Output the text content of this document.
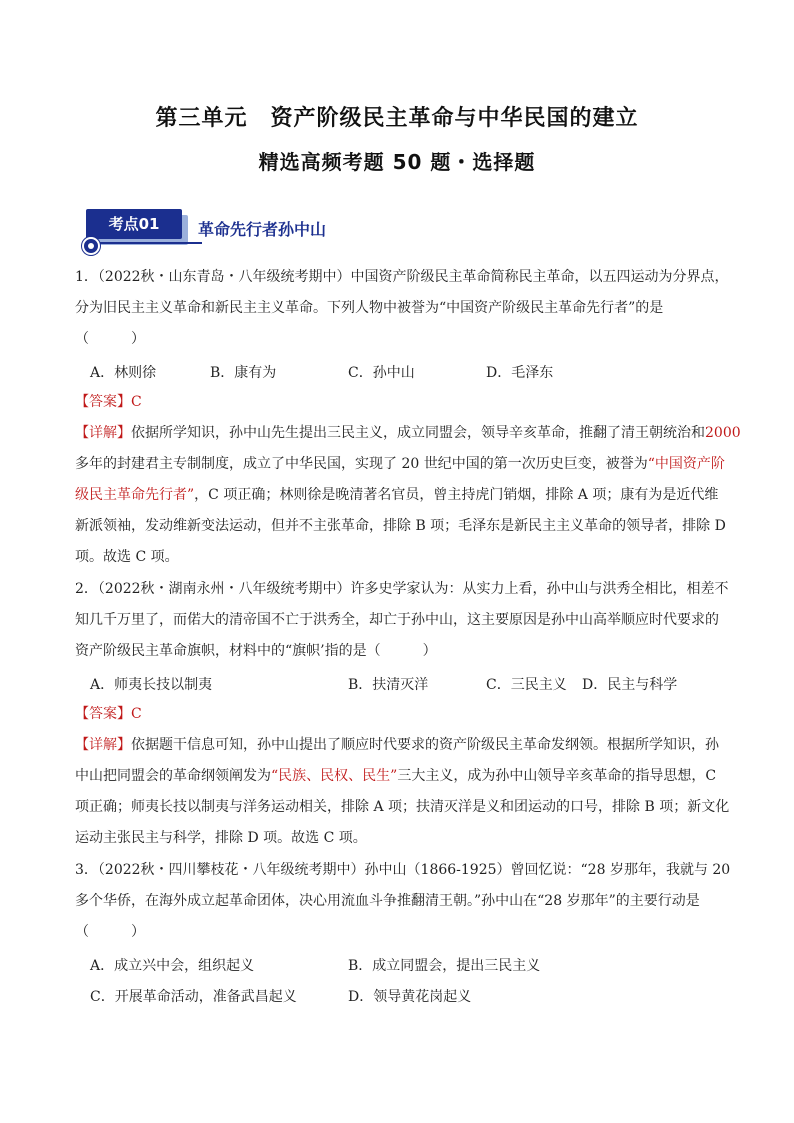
第三单元　资产阶级民主革命与中华民国的建立
精选高频考题 50 题・选择题
考点01	革命先行者孙中山
1．（2022秋・山东青岛・八年级统考期中）中国资产阶级民主革命简称民主革命，以五四运动为分界点，
分为旧民主主义革命和新民主主义革命。下列人物中被誉为“中国资产阶级民主革命先行者”的是
（　　　）
A．林则徐	B．康有为	C．孙中山	D．毛泽东
【答案】C
【详解】依据所学知识，孙中山先生提出三民主义，成立同盟会，领导辛亥革命，推翻了清王朝统治和2000
多年的封建君主专制制度，成立了中华民国，实现了 20 世纪中国的第一次历史巨变，被誉为“中国资产阶
级民主革命先行者”，C 项正确；林则徐是晚清著名官员，曾主持虎门销烟，排除 A 项；康有为是近代维
新派领袖，发动维新变法运动，但并不主张革命，排除 B 项；毛泽东是新民主主义革命的领导者，排除 D
项。故选 C 项。
2．（2022秋・湖南永州・八年级统考期中）许多史学家认为：从实力上看，孙中山与洪秀全相比，相差不
知几千万里了，而偌大的清帝国不亡于洪秀全，却亡于孙中山，这主要原因是孙中山高举顺应时代要求的
资产阶级民主革命旗帜，材料中的“旗帜’指的是（　　　）
A．师夷长技以制夷	B．扶清灭洋	C．三民主义 D．民主与科学
【答案】C
【详解】依据题干信息可知，孙中山提出了顺应时代要求的资产阶级民主革命发纲领。根据所学知识，孙
中山把同盟会的革命纲领阐发为“民族、民权、民生”三大主义，成为孙中山领导辛亥革命的指导思想，C
项正确；师夷长技以制夷与洋务运动相关，排除 A 项；扶清灭洋是义和团运动的口号，排除 B 项；新文化
运动主张民主与科学，排除 D 项。故选 C 项。
3．（2022秋・四川攀枝花・八年级统考期中）孙中山（1866-1925）曾回忆说：“28 岁那年，我就与 20
多个华侨，在海外成立起革命团体，决心用流血斗争推翻清王朝。”孙中山在“28 岁那年”的主要行动是
（　　　）
A．成立兴中会，组织起义	B．成立同盟会，提出三民主义
C．开展革命活动，准备武昌起义	D．领导黄花岗起义
